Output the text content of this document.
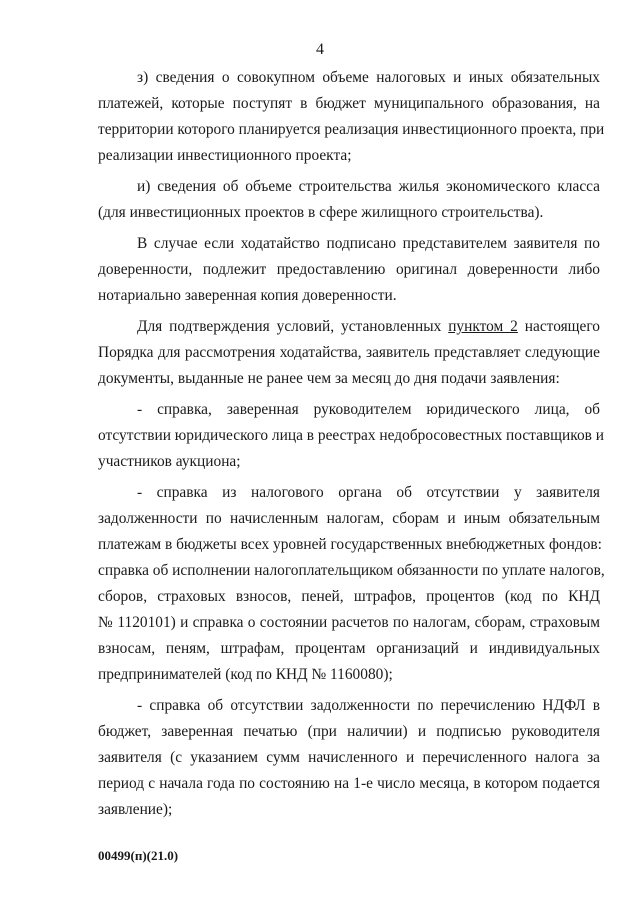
4

з) сведения о совокупном объеме налоговых и иных обязательных
платежей, которые поступят в бюджет муниципального образования, на
территории которого планируется реализация инвестиционного проекта, при
реализации инвестиционного проекта;

и) сведения об объеме строительства жилья экономического класса
(для инвестиционных проектов в сфере жилищного строительства).

В случае если ходатайство подписано представителем заявителя по
доверенности, подлежит предоставлению оригинал доверенности либо
нотариально заверенная копия доверенности.

Для подтверждения условий, установленных пунктом 2 настоящего
Порядка для рассмотрения ходатайства, заявитель представляет следующие
документы, выданные не ранее чем за месяц до дня подачи заявления:

- справка, заверенная руководителем юридического лица, об
отсутствии юридического лица в реестрах недобросовестных поставщиков и
участников аукциона;

- справка из налогового органа об отсутствии у заявителя
задолженности по начисленным налогам, сборам и иным обязательным
платежам в бюджеты всех уровней государственных внебюджетных фондов:
справка об исполнении налогоплательщиком обязанности по уплате налогов,
сборов, страховых взносов, пеней, штрафов, процентов (код по КНД
№ 1120101) и справка о состоянии расчетов по налогам, сборам, страховым
взносам, пеням, штрафам, процентам организаций и индивидуальных
предпринимателей (код по КНД № 1160080);

- справка об отсутствии задолженности по перечислению НДФЛ в
бюджет, заверенная печатью (при наличии) и подписью руководителя
заявителя (с указанием сумм начисленного и перечисленного налога за
период с начала года по состоянию на 1-е число месяца, в котором подается
заявление);

00499(п)(21.0)
